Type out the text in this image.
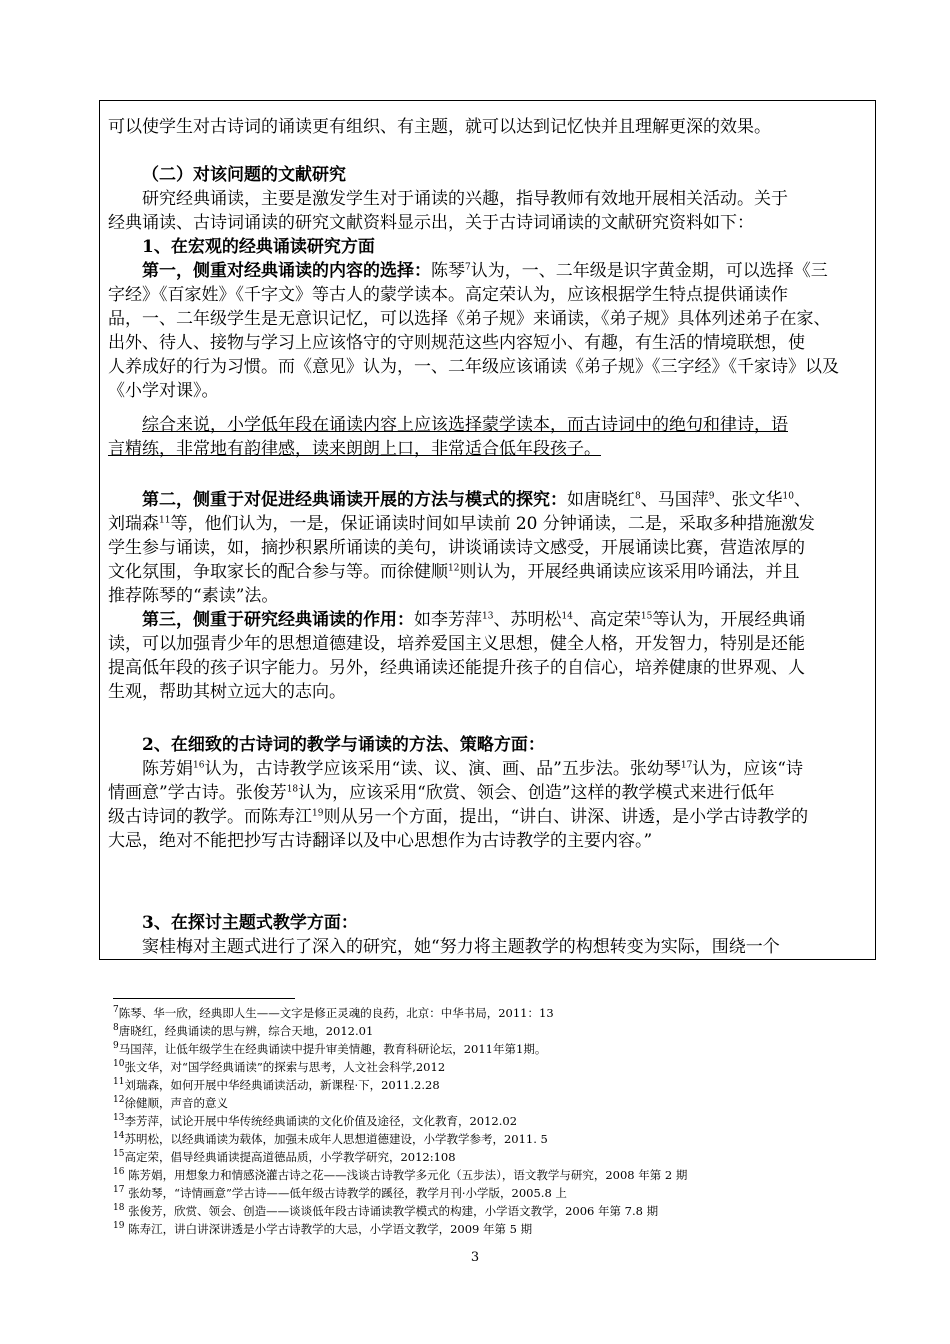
可以使学生对古诗词的诵读更有组织、有主题，就可以达到记忆快并且理解更深的效果。
（二）对该问题的文献研究
研究经典诵读，主要是激发学生对于诵读的兴趣，指导教师有效地开展相关活动。关于
经典诵读、古诗词诵读的研究文献资料显示出，关于古诗词诵读的文献研究资料如下：
1、在宏观的经典诵读研究方面
第一，侧重对经典诵读的内容的选择：陈琴$^7$认为，一、二年级是识字黄金期，可以选择《三
字经》《百家姓》《千字文》等古人的蒙学读本。高定荣认为，应该根据学生特点提供诵读作
品，一、二年级学生是无意识记忆，可以选择《弟子规》来诵读，《弟子规》具体列述弟子在家、
出外、待人、接物与学习上应该恪守的守则规范这些内容短小、有趣，有生活的情境联想，使
人养成好的行为习惯。而《意见》认为，一、二年级应该诵读《弟子规》《三字经》《千家诗》以及
《小学对课》。
综合来说，小学低年段在诵读内容上应该选择蒙学读本，而古诗词中的绝句和律诗，语
言精练，非常地有韵律感，读来朗朗上口，非常适合低年段孩子。
第二，侧重于对促进经典诵读开展的方法与模式的探究：如唐晓红$^8$、马国萍$^9$、张文华$^{10}$、
刘瑞森$^{11}$等，他们认为，一是，保证诵读时间如早读前 20 分钟诵读，二是，采取多种措施激发
学生参与诵读，如，摘抄积累所诵读的美句，讲谈诵读诗文感受，开展诵读比赛，营造浓厚的
文化氛围，争取家长的配合参与等。而徐健顺$^{12}$则认为，开展经典诵读应该采用吟诵法，并且
推荐陈琴的“素读”法。
第三，侧重于研究经典诵读的作用：如李芳萍$^{13}$、苏明松$^{14}$、高定荣$^{15}$等认为，开展经典诵
读，可以加强青少年的思想道德建设，培养爱国主义思想，健全人格，开发智力，特别是还能
提高低年段的孩子识字能力。另外，经典诵读还能提升孩子的自信心，培养健康的世界观、人
生观，帮助其树立远大的志向。
2、在细致的古诗词的教学与诵读的方法、策略方面：
陈芳娟$^{16}$认为，古诗教学应该采用“读、议、演、画、品”五步法。张幼琴$^{17}$认为，应该“诗
情画意”学古诗。张俊芳$^{18}$认为，应该采用“欣赏、领会、创造”这样的教学模式来进行低年
级古诗词的教学。而陈寿江$^{19}$则从另一个方面，提出，“讲白、讲深、讲透，是小学古诗教学的
大忌，绝对不能把抄写古诗翻译以及中心思想作为古诗教学的主要内容。”
3、在探讨主题式教学方面：
窦桂梅对主题式进行了深入的研究，她“努力将主题教学的构想转变为实际，围绕一个
$^7$陈琴、华一欣，经典即人生——文字是修正灵魂的良药，北京：中华书局，2011：13
$^8$唐晓红，经典诵读的思与辨，综合天地，2012.01
$^9$马国萍，让低年级学生在经典诵读中提升审美情趣，教育科研论坛，2011年第1期。
$^{10}$张文华，对“国学经典诵读”的探索与思考，人文社会科学,2012
$^{11}$刘瑞森，如何开展中华经典诵读活动，新课程·下，2011.2.28
$^{12}$徐健顺，声音的意义
$^{13}$李芳萍，试论开展中华传统经典诵读的文化价值及途径，文化教育，2012.02
$^{14}$苏明松，以经典诵读为载体，加强未成年人思想道德建设，小学教学参考，2011. 5
$^{15}$高定荣，倡导经典诵读提高道德品质，小学教学研究，2012:108
$^{16}$ 陈芳娟，用想象力和情感浇灌古诗之花——浅谈古诗教学多元化（五步法），语文教学与研究，2008 年第 2 期
$^{17}$ 张幼琴，“诗情画意”学古诗——低年级古诗教学的蹊径，教学月刊·小学版，2005.8 上
$^{18}$ 张俊芳，欣赏、领会、创造——谈谈低年段古诗诵读教学模式的构建，小学语文教学，2006 年第 7.8 期
$^{19}$ 陈寿江，讲白讲深讲透是小学古诗教学的大忌，小学语文教学，2009 年第 5 期
3
